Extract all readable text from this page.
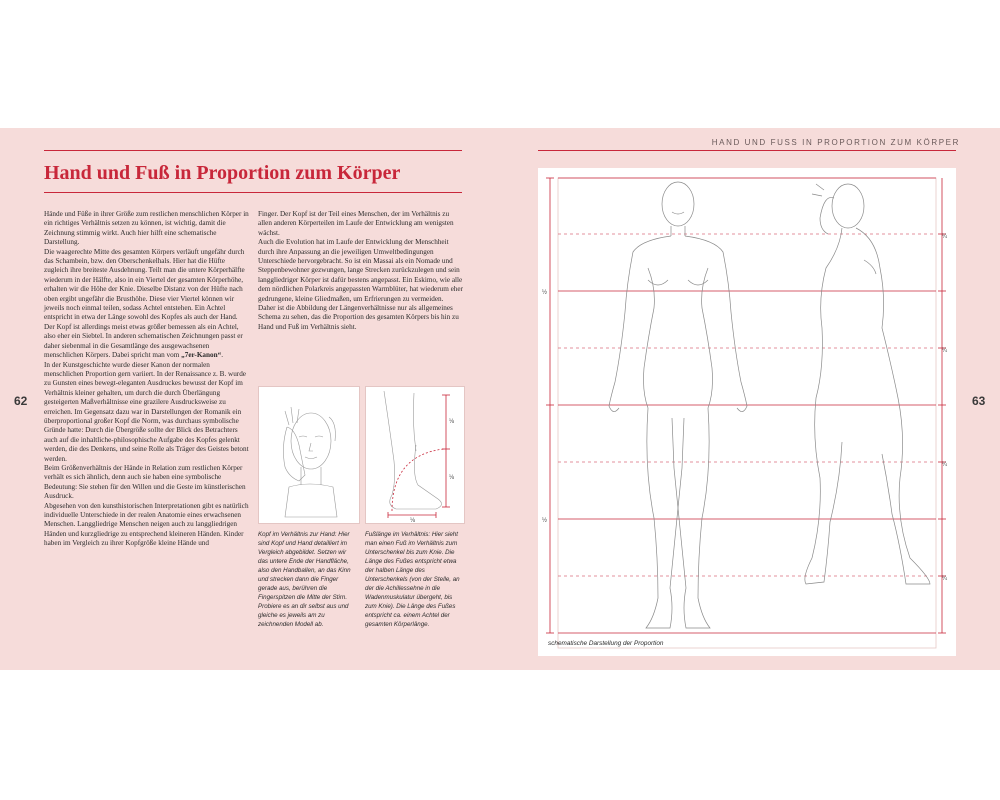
62	63
HAND UND FUSS IN PROPORTION ZUM KÖRPER
Hand und Fuß in Proportion zum Körper

Hände und Füße in ihrer Größe zum restlichen menschlichen Körper in ein richtiges Verhältnis setzen zu können, ist wichtig, damit die Zeichnung stimmig wirkt. Auch hier hilft eine schematische Darstellung.

Die waagerechte Mitte des gesamten Körpers verläuft ungefähr durch das Schambein, bzw. den Oberschenkelhals. Hier hat die Hüfte zugleich ihre breiteste Ausdehnung. Teilt man die untere Körperhälfte wiederum in der Hälfte, also in ein Viertel der gesamten Körperhöhe, erhalten wir die Höhe der Knie. Dieselbe Distanz von der Hüfte nach oben ergibt ungefähr die Brusthöhe. Diese vier Viertel können wir jeweils noch einmal teilen, sodass Achtel entstehen. Ein Achtel entspricht in etwa der Länge sowohl des Kopfes als auch der Hand.

Der Kopf ist allerdings meist etwas größer bemessen als ein Achtel, also eher ein Siebtel. In anderen schematischen Zeichnungen passt er daher siebenmal in die Gesamtlänge des ausgewachsenen menschlichen Körpers. Dabei spricht man vom „7er-Kanon“.

In der Kunstgeschichte wurde dieser Kanon der normalen menschlichen Proportion gern variiert. In der Renaissance z. B. wurde zu Gunsten eines bewegt-eleganten Ausdruckes bewusst der Kopf im Verhältnis kleiner gehalten, um durch die durch Überlängung gesteigerten Maßverhältnisse eine grazilere Ausdrucksweise zu erreichen. Im Gegensatz dazu war in Darstellungen der Romanik ein überproportional großer Kopf die Norm, was durchaus symbolische Gründe hatte: Durch die Übergröße sollte der Blick des Betrachters auch auf die inhaltliche-philosophische Aufgabe des Kopfes gelenkt werden, die des Denkens, und seine Rolle als Träger des Geistes betont werden.

Beim Größenverhältnis der Hände in Relation zum restlichen Körper verhält es sich ähnlich, denn auch sie haben eine symbolische Bedeutung: Sie stehen für den Willen und die Geste im künstlerischen Ausdruck.

Abgesehen von den kunsthistorischen Interpretationen gibt es natürlich individuelle Unterschiede in der realen Anatomie eines erwachsenen Menschen. Langgliedrige Menschen neigen auch zu langgliedrigen Händen und kurzgliedrige zu entsprechend kleineren Händen. Kinder haben im Vergleich zu ihrer Kopfgröße kleine Hände und

Finger. Der Kopf ist der Teil eines Menschen, der im Verhältnis zu allen anderen Körperteilen im Laufe der Entwicklung am wenigsten wächst.

Auch die Evolution hat im Laufe der Entwicklung der Menschheit durch ihre Anpassung an die jeweiligen Umweltbedingungen Unterschiede hervorgebracht. So ist ein Massai als ein Nomade und Steppenbewohner gezwungen, lange Strecken zurückzulegen und sein langgliedriger Körper ist dafür bestens angepasst. Ein Eskimo, wie alle dem nördlichen Polarkreis angepassten Warmblüter, hat wiederum eher gedrungene, kleine Gliedmaßen, um Erfrierungen zu vermeiden.

Daher ist die Abbildung der Längenverhältnisse nur als allgemeines Schema zu sehen, das die Proportion des gesamten Körpers bis hin zu Hand und Fuß im Verhältnis sieht.

⅛
⅛
⅛
Kopf im Verhältnis zur Hand: Hier sind Kopf und Hand detailliert im Vergleich abgebildet. Setzen wir das untere Ende der Handfläche, also den Handballen, an das Kinn und strecken dann die Finger gerade aus, berühren die Fingerspitzen die Mitte der Stirn. Probiere es an dir selbst aus und gleiche es jeweils am zu zeichnenden Modell ab.
Fußlänge im Verhältnis: Hier sieht man einen Fuß im Verhältnis zum Unterschenkel bis zum Knie. Die Länge des Fußes entspricht etwa der halben Länge des Unterschenkels (von der Stelle, an der die Achillessehne in die Wadenmuskulatur übergeht, bis zum Knie). Die Länge des Fußes entspricht ca. einem Achtel der gesamten Körperlänge.
½
½
¼
¼
¼
¼
schematische Darstellung der Proportion
